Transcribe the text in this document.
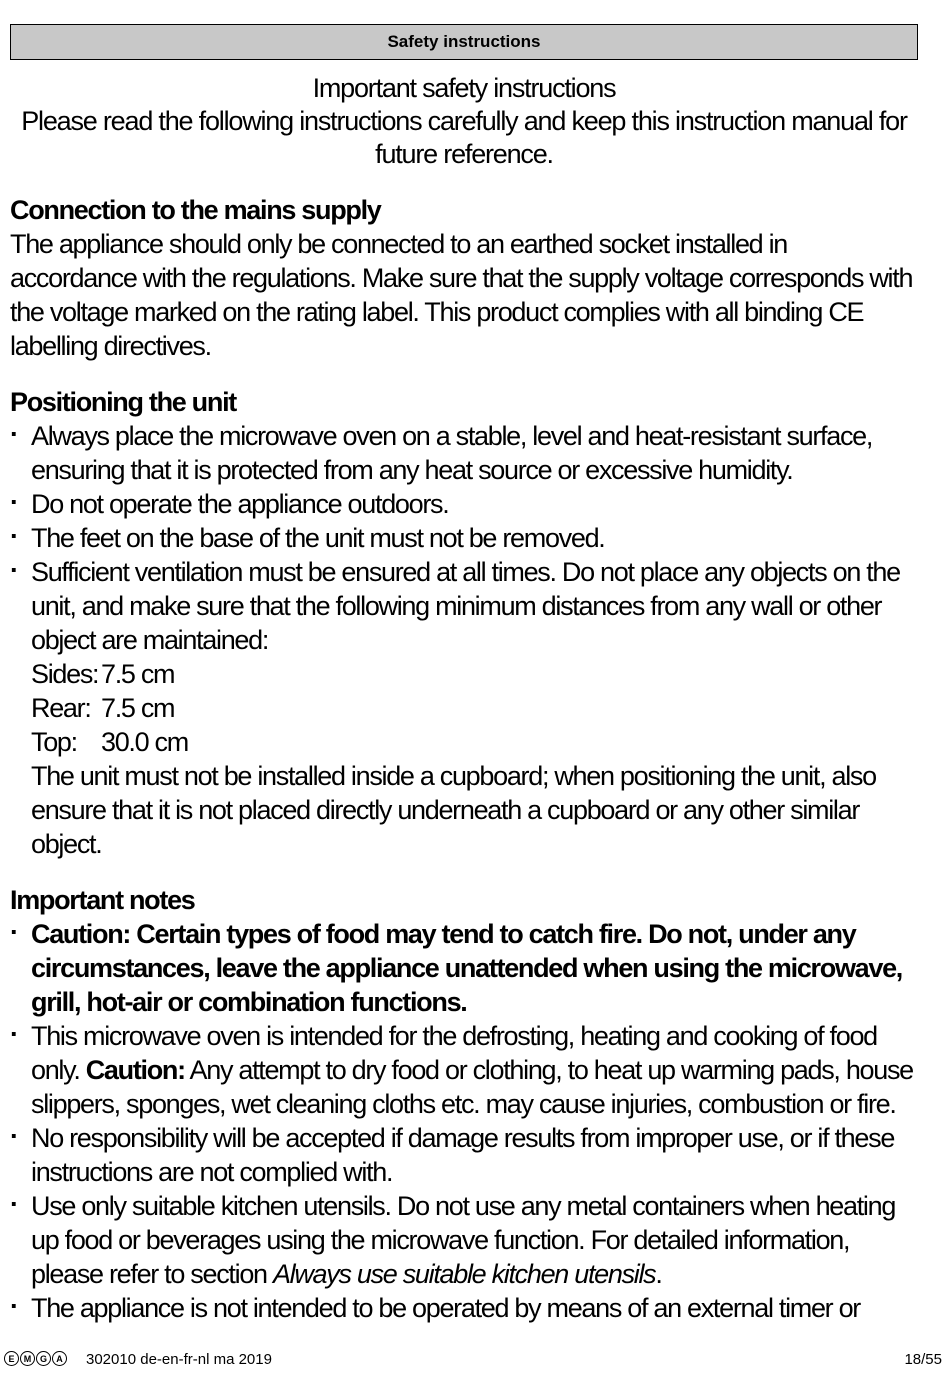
Safety instructions

Important safety instructions

Please read the following instructions carefully and keep this instruction manual for future reference.

Connection to the mains supply

The appliance should only be connected to an earthed socket installed in accordance with the regulations. Make sure that the supply voltage corresponds with the voltage marked on the rating label. This product complies with all binding CE labelling directives.

Positioning the unit
· Always place the microwave oven on a stable, level and heat-resistant surface, ensuring that it is protected from any heat source or excessive humidity.
· Do not operate the appliance outdoors.
· The feet on the base of the unit must not be removed.
· Sufficient ventilation must be ensured at all times. Do not place any objects on the unit, and make sure that the following minimum distances from any wall or other object are maintained:
Sides: 7.5 cm
Rear: 7.5 cm
Top: 30.0 cm
The unit must not be installed inside a cupboard; when positioning the unit, also ensure that it is not placed directly underneath a cupboard or any other similar object.
Important notes
· Caution: Certain types of food may tend to catch fire. Do not, under any circumstances, leave the appliance unattended when using the microwave, grill, hot-air or combination functions.
· This microwave oven is intended for the defrosting, heating and cooking of food only. Caution: Any attempt to dry food or clothing, to heat up warming pads, house slippers, sponges, wet cleaning cloths etc. may cause injuries, combustion or fire.
· No responsibility will be accepted if damage results from improper use, or if these instructions are not complied with.
· Use only suitable kitchen utensils. Do not use any metal containers when heating up food or beverages using the microwave function. For detailed information, please refer to section Always use suitable kitchen utensils.
· The appliance is not intended to be operated by means of an external timer or
E	M G	A 302010 de-en-fr-nl ma 2019	18/55
